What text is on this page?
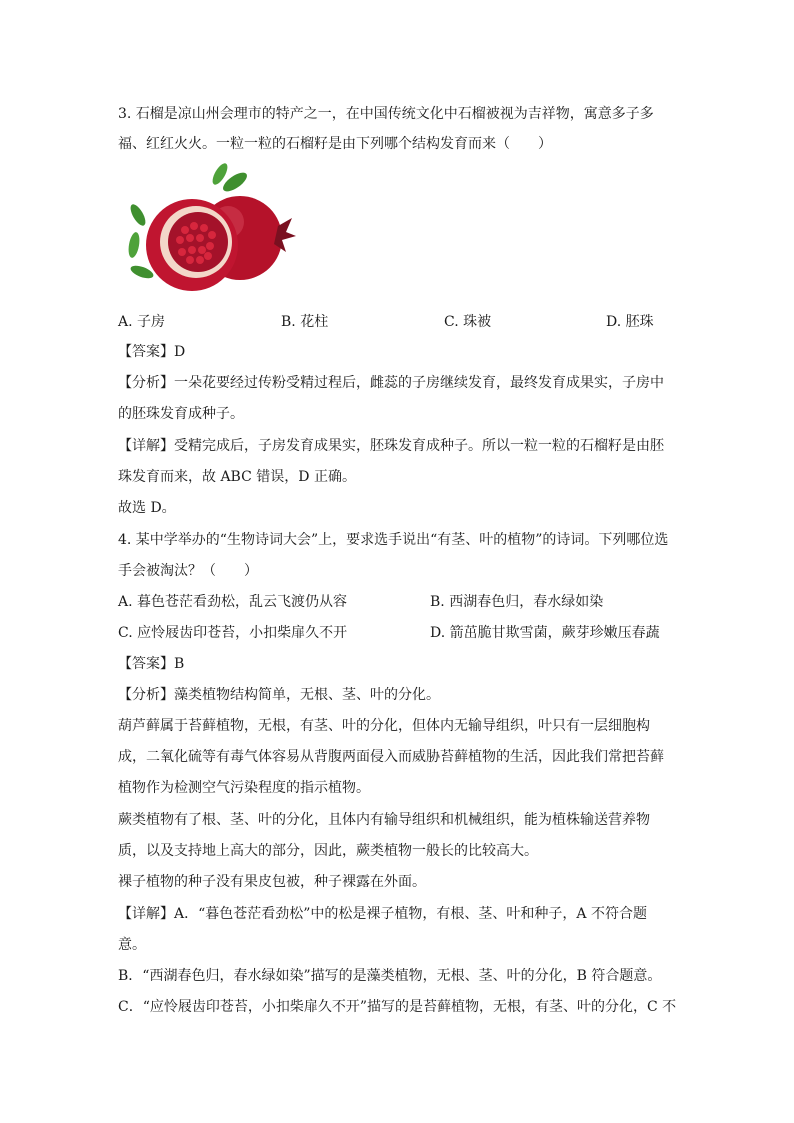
3. 石榴是凉山州会理市的特产之一，在中国传统文化中石榴被视为吉祥物，寓意多子多
福、红红火火。一粒一粒的石榴籽是由下列哪个结构发育而来（　　）
A. 子房	B. 花柱	C. 珠被	D. 胚珠
【答案】D
【分析】一朵花要经过传粉受精过程后，雌蕊的子房继续发育，最终发育成果实，子房中
的胚珠发育成种子。
【详解】受精完成后，子房发育成果实，胚珠发育成种子。所以一粒一粒的石榴籽是由胚
珠发育而来，故 ABC 错误，D 正确。
故选 D。
4. 某中学举办的“生物诗词大会”上，要求选手说出“有茎、叶的植物”的诗词。下列哪位选
手会被淘汰？（　　）
A. 暮色苍茫看劲松，乱云飞渡仍从容	B. 西湖春色归，春水绿如染
C. 应怜屐齿印苍苔，小扣柴扉久不开	D. 箭茁脆甘欺雪菌，蕨芽珍嫩压春蔬
【答案】B
【分析】藻类植物结构简单，无根、茎、叶的分化。
葫芦藓属于苔藓植物，无根，有茎、叶的分化，但体内无输导组织，叶只有一层细胞构
成，二氧化硫等有毒气体容易从背腹两面侵入而威胁苔藓植物的生活，因此我们常把苔藓
植物作为检测空气污染程度的指示植物。
蕨类植物有了根、茎、叶的分化，且体内有输导组织和机械组织，能为植株输送营养物
质，以及支持地上高大的部分，因此，蕨类植物一般长的比较高大。
裸子植物的种子没有果皮包被，种子裸露在外面。
【详解】A．“暮色苍茫看劲松”中的松是裸子植物，有根、茎、叶和种子，A 不符合题
意。
B．“西湖春色归，春水绿如染”描写的是藻类植物，无根、茎、叶的分化，B 符合题意。
C．“应怜屐齿印苍苔，小扣柴扉久不开”描写的是苔藓植物，无根，有茎、叶的分化，C 不
